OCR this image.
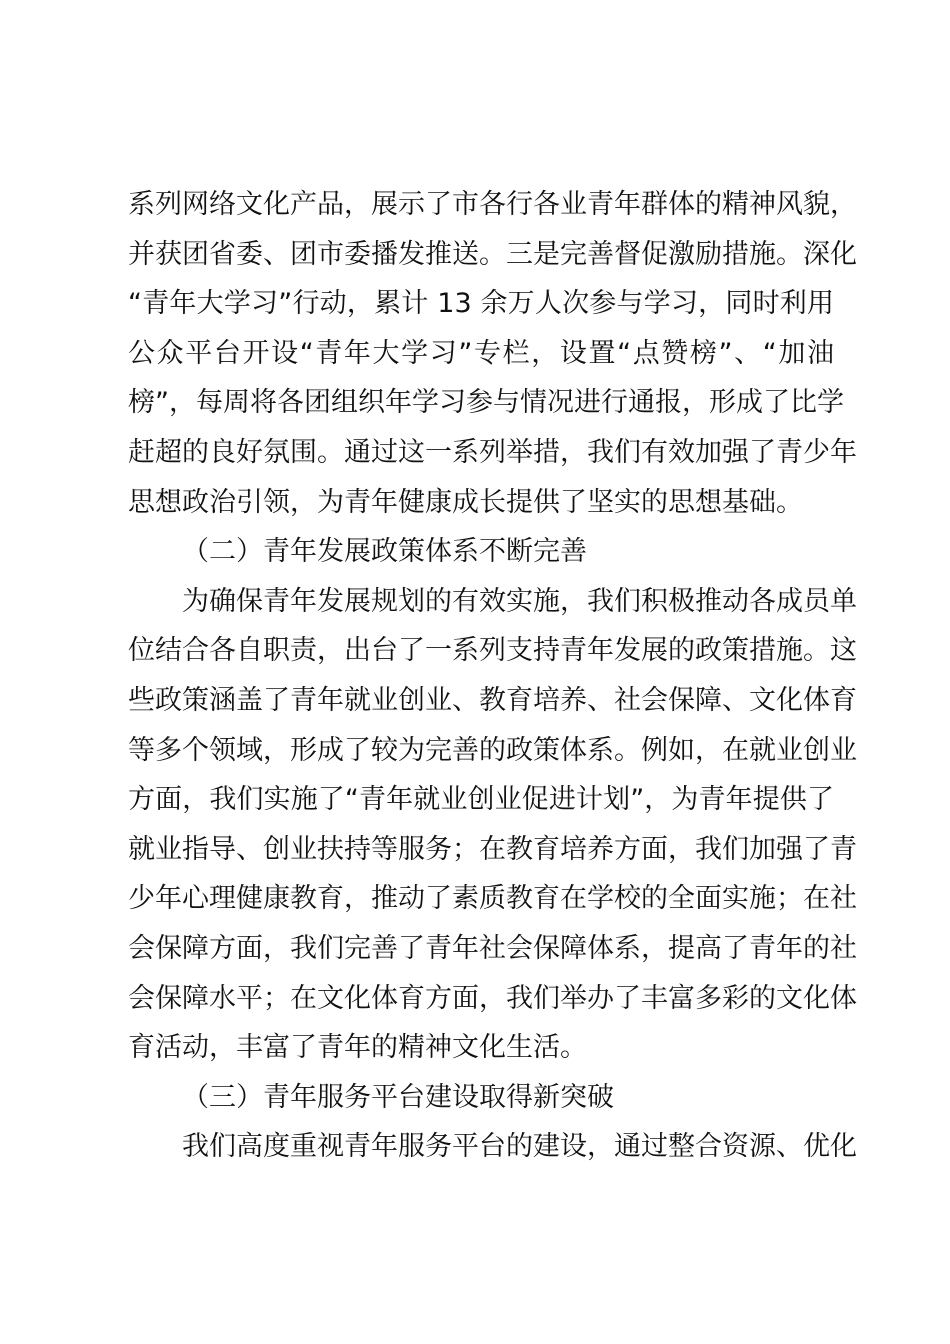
系列网络文化产品，展示了市各行各业青年群体的精神风貌，
并获团省委、团市委播发推送。三是完善督促激励措施。深化
“青年大学习”行动，累计 13 余万人次参与学习，同时利用
公众平台开设“青年大学习”专栏，设置“点赞榜”、“加油
榜”，每周将各团组织年学习参与情况进行通报，形成了比学
赶超的良好氛围。通过这一系列举措，我们有效加强了青少年
思想政治引领，为青年健康成长提供了坚实的思想基础。
（二）青年发展政策体系不断完善
为确保青年发展规划的有效实施，我们积极推动各成员单
位结合各自职责，出台了一系列支持青年发展的政策措施。这
些政策涵盖了青年就业创业、教育培养、社会保障、文化体育
等多个领域，形成了较为完善的政策体系。例如，在就业创业
方面，我们实施了“青年就业创业促进计划”，为青年提供了
就业指导、创业扶持等服务；在教育培养方面，我们加强了青
少年心理健康教育，推动了素质教育在学校的全面实施；在社
会保障方面，我们完善了青年社会保障体系，提高了青年的社
会保障水平；在文化体育方面，我们举办了丰富多彩的文化体
育活动，丰富了青年的精神文化生活。
（三）青年服务平台建设取得新突破
我们高度重视青年服务平台的建设，通过整合资源、优化
